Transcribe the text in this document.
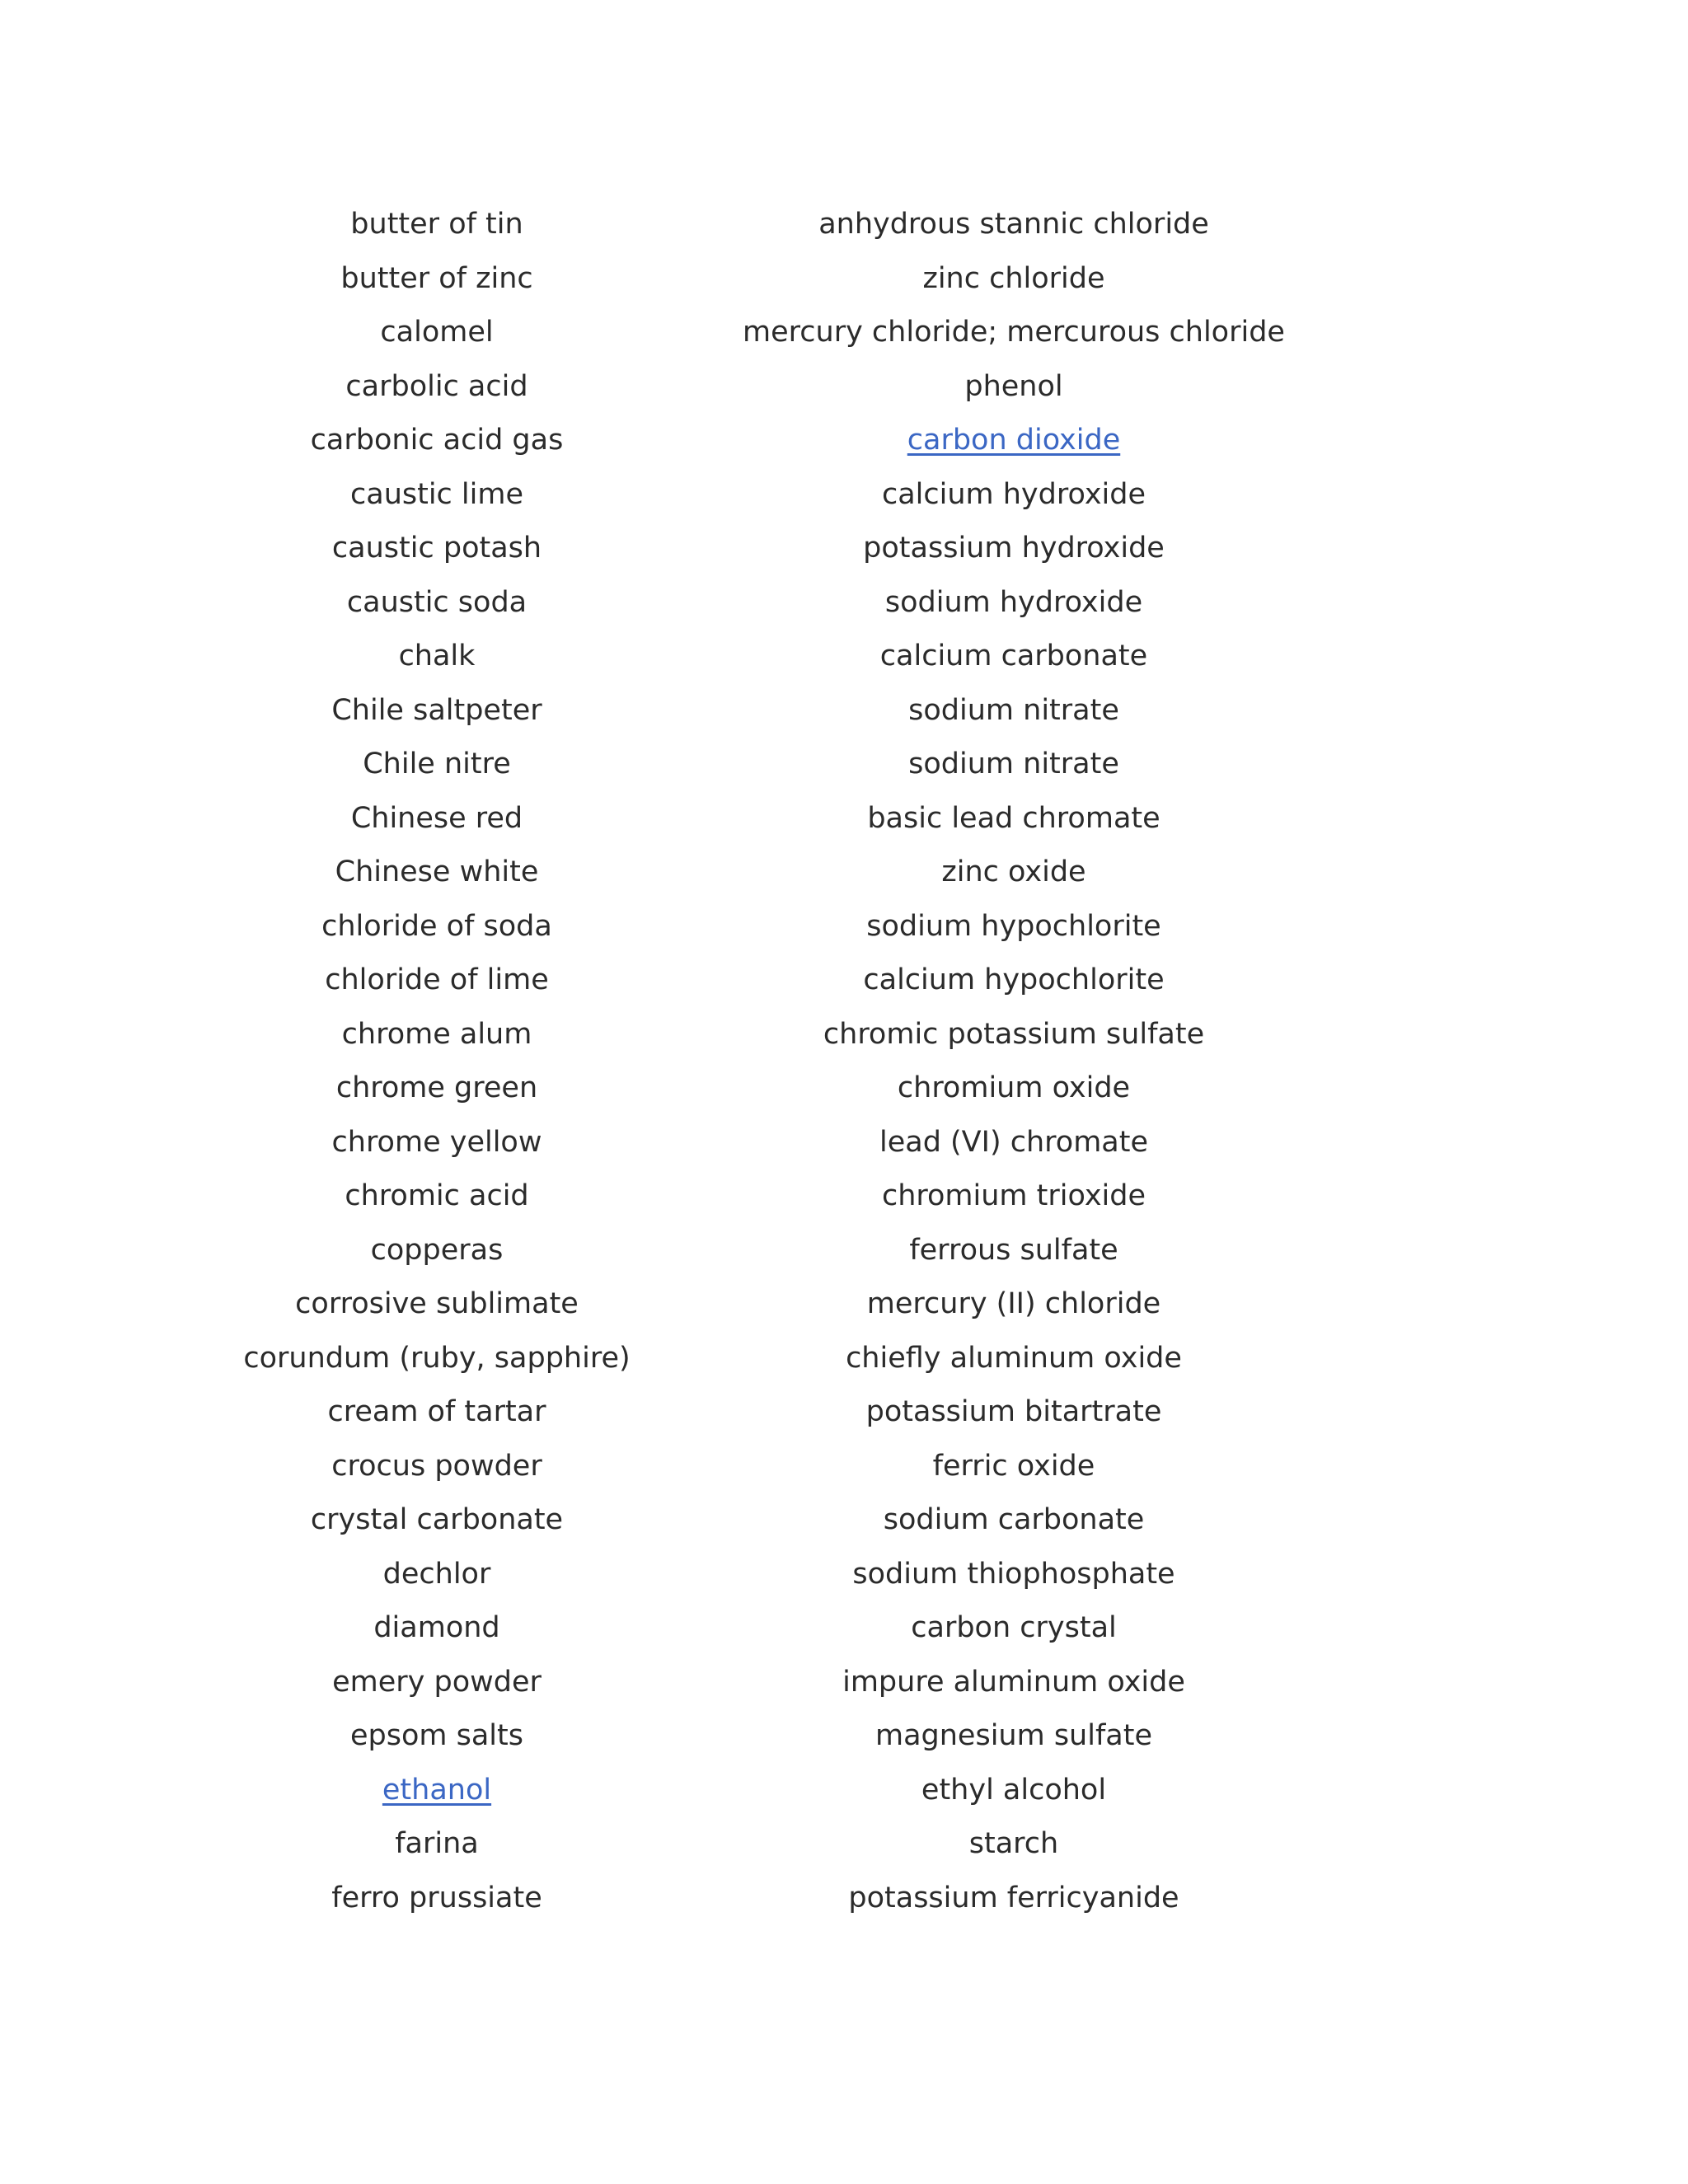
butter of tin	anhydrous stannic chloride
butter of zinc	zinc chloride
calomel	mercury chloride; mercurous chloride
carbolic acid	phenol
carbonic acid gas	carbon dioxide
caustic lime	calcium hydroxide
caustic potash	potassium hydroxide
caustic soda	sodium hydroxide
chalk	calcium carbonate
Chile saltpeter	sodium nitrate
Chile nitre	sodium nitrate
Chinese red	basic lead chromate
Chinese white	zinc oxide
chloride of soda	sodium hypochlorite
chloride of lime	calcium hypochlorite
chrome alum	chromic potassium sulfate
chrome green	chromium oxide
chrome yellow	lead (VI) chromate
chromic acid	chromium trioxide
copperas	ferrous sulfate
corrosive sublimate	mercury (II) chloride
corundum (ruby, sapphire)	chiefly aluminum oxide
cream of tartar	potassium bitartrate
crocus powder	ferric oxide
crystal carbonate	sodium carbonate
dechlor	sodium thiophosphate
diamond	carbon crystal
emery powder	impure aluminum oxide
epsom salts	magnesium sulfate
ethanol	ethyl alcohol
farina	starch
ferro prussiate	potassium ferricyanide
